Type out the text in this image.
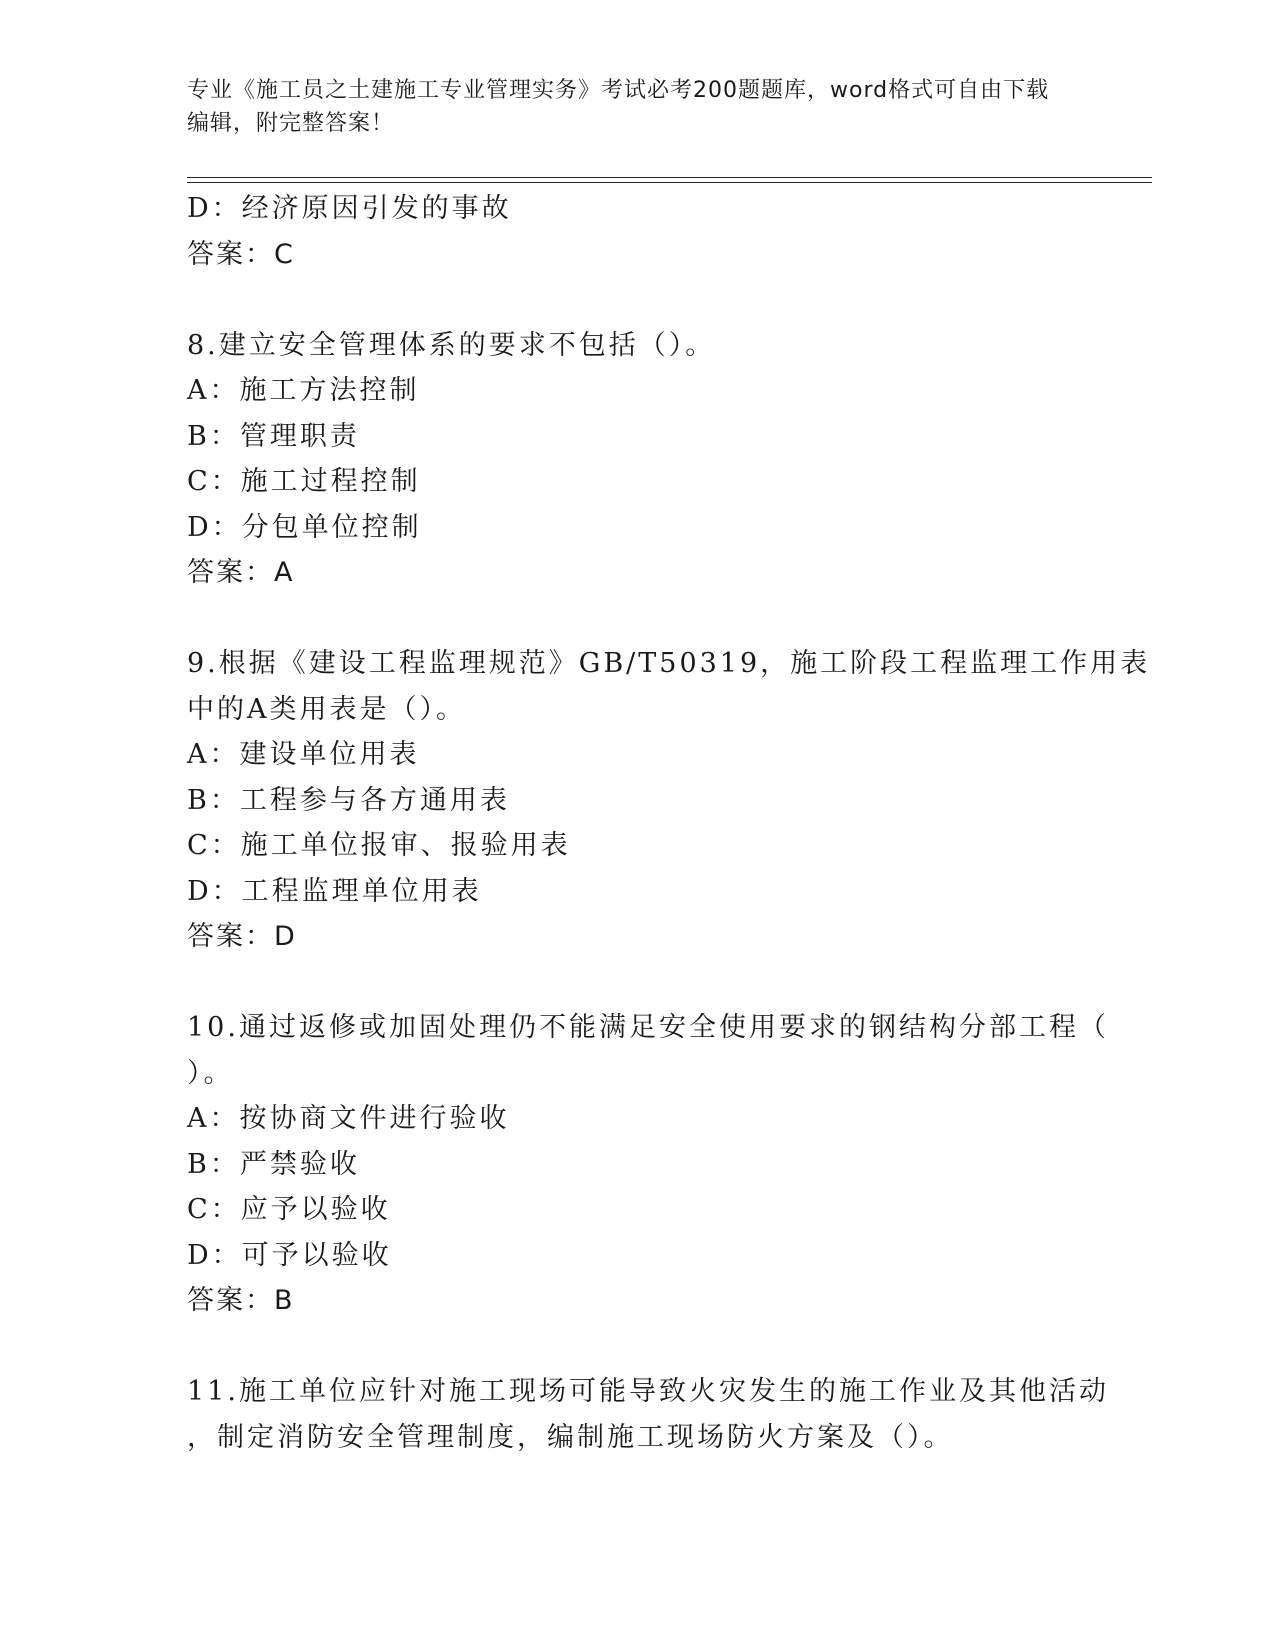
专业《施工员之土建施工专业管理实务》考试必考200题题库，word格式可自由下载编辑，附完整答案！
D：经济原因引发的事故
答案：C
8.建立安全管理体系的要求不包括（）。
A：施工方法控制
B：管理职责
C：施工过程控制
D：分包单位控制
答案：A
9.根据《建设工程监理规范》GB/T50319，施工阶段工程监理工作用表
中的A类用表是（）。
A：建设单位用表
B：工程参与各方通用表
C：施工单位报审、报验用表
D：工程监理单位用表
答案：D
10.通过返修或加固处理仍不能满足安全使用要求的钢结构分部工程（
）。
A：按协商文件进行验收
B：严禁验收
C：应予以验收
D：可予以验收
答案：B
11.施工单位应针对施工现场可能导致火灾发生的施工作业及其他活动
，制定消防安全管理制度，编制施工现场防火方案及（）。
